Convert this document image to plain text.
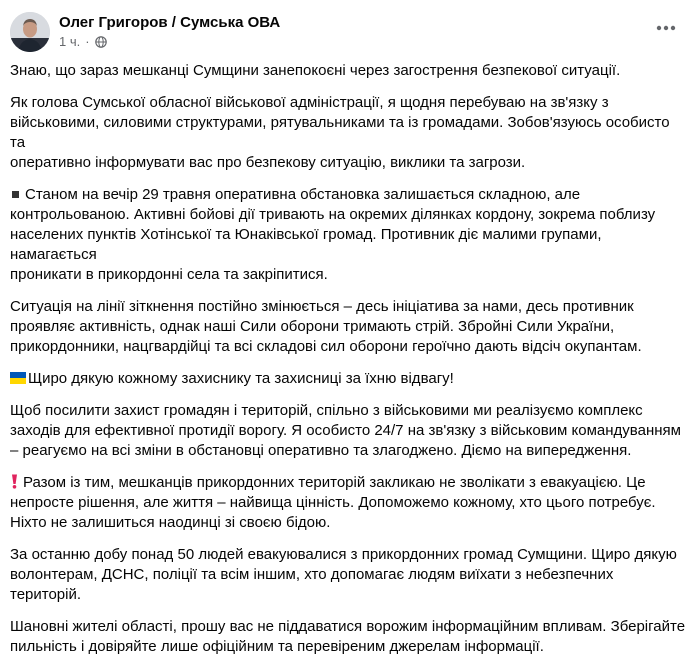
Олег Григоров / Сумська ОВА
1 ч. ·

Знаю, що зараз мешканці Сумщини занепокоєні через загострення безпекової ситуації.

Як голова Сумської обласної військової адміністрації, я щодня перебуваю на зв'язку з
військовими, силовими структурами, рятувальниками та із громадами. Зобов'язуюсь особисто та
оперативно інформувати вас про безпекову ситуацію, виклики та загрози.

Станом на вечір 29 травня оперативна обстановка залишається складною, але
контрольованою. Активні бойові дії тривають на окремих ділянках кордону, зокрема поблизу
населених пунктів Хотінської та Юнаківської громад. Противник діє малими групами, намагається
проникати в прикордонні села та закріпитися.

Ситуація на лінії зіткнення постійно змінюється – десь ініціатива за нами, десь противник
проявляє активність, однак наші Сили оборони тримають стрій. Збройні Сили України,
прикордонники, нацгвардійці та всі складові сил оборони героїчно дають відсіч окупантам.

Щиро дякую кожному захиснику та захисниці за їхню відвагу!

Щоб посилити захист громадян і територій, спільно з військовими ми реалізуємо комплекс
заходів для ефективної протидії ворогу. Я особисто 24/7 на зв'язку з військовим командуванням
– реагуємо на всі зміни в обстановці оперативно та злагоджено. Діємо на випередження.

Разом із тим, мешканців прикордонних територій закликаю не зволікати з евакуацією. Це
непросте рішення, але життя – найвища цінність. Допоможемо кожному, хто цього потребує.
Ніхто не залишиться наодинці зі своєю бідою.

За останню добу понад 50 людей евакуювалися з прикордонних громад Сумщини. Щиро дякую
волонтерам, ДСНС, поліції та всім іншим, хто допомагає людям виїхати з небезпечних територій.

Шановні жителі області, прошу вас не піддаватися ворожим інформаційним впливам. Зберігайте
пильність і довіряйте лише офіційним та перевіреним джерелам інформації.
